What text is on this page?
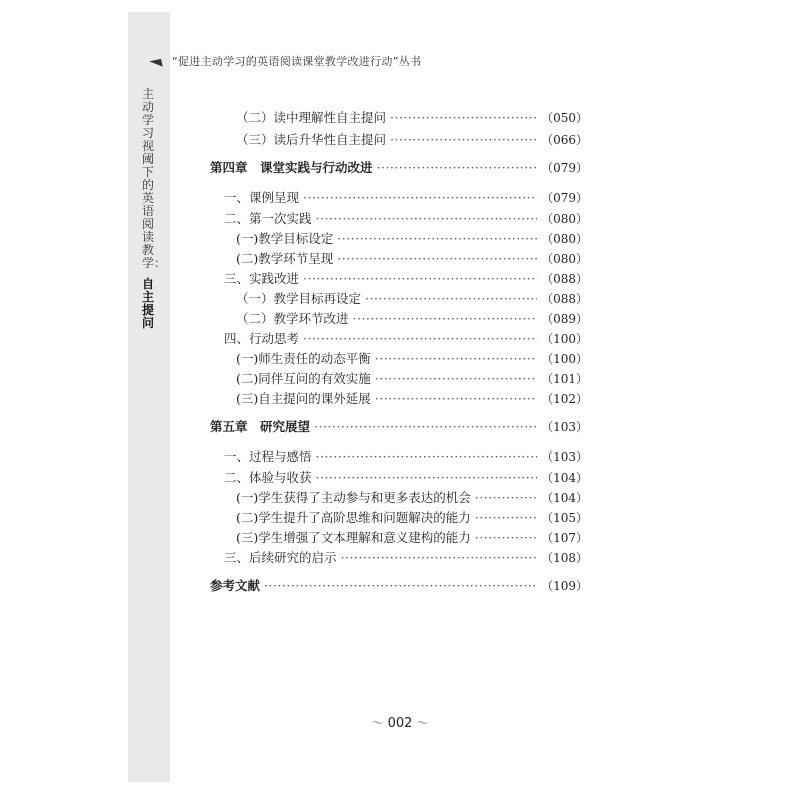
“促进主动学习的英语阅读课堂教学改进行动”丛书
主动学习视阈下的英语阅读教学：
自主提问
（二）读中理解性自主提问 ·····	（050）
（三）读后升华性自主提问 ·····	（066）
第四章　课堂实践与行动改进 ·····	（079）
一、课例呈现 ·····	（079）
二、第一次实践 ·····	（080）
(一)教学目标设定 ·····	（080）
(二)教学环节呈现 ·····	（080）
三、实践改进 ·····	（088）
（一）教学目标再设定 ·····	（088）
（二）教学环节改进 ·····	（089）
四、行动思考 ·····	（100）
(一)师生责任的动态平衡 ·····	（100）
(二)同伴互问的有效实施 ·····	（101）
(三)自主提问的课外延展 ·····	（102）
第五章　研究展望 ·····	（103）
一、过程与感悟 ·····	（103）
二、体验与收获 ·····	（104）
(一)学生获得了主动参与和更多表达的机会 ·····	（104）
(二)学生提升了高阶思维和问题解决的能力 ·····	（105）
(三)学生增强了文本理解和意义建构的能力 ·····	（107）
三、后续研究的启示 ·····	（108）
参考文献 ·····	（109）
〜 002 〜
